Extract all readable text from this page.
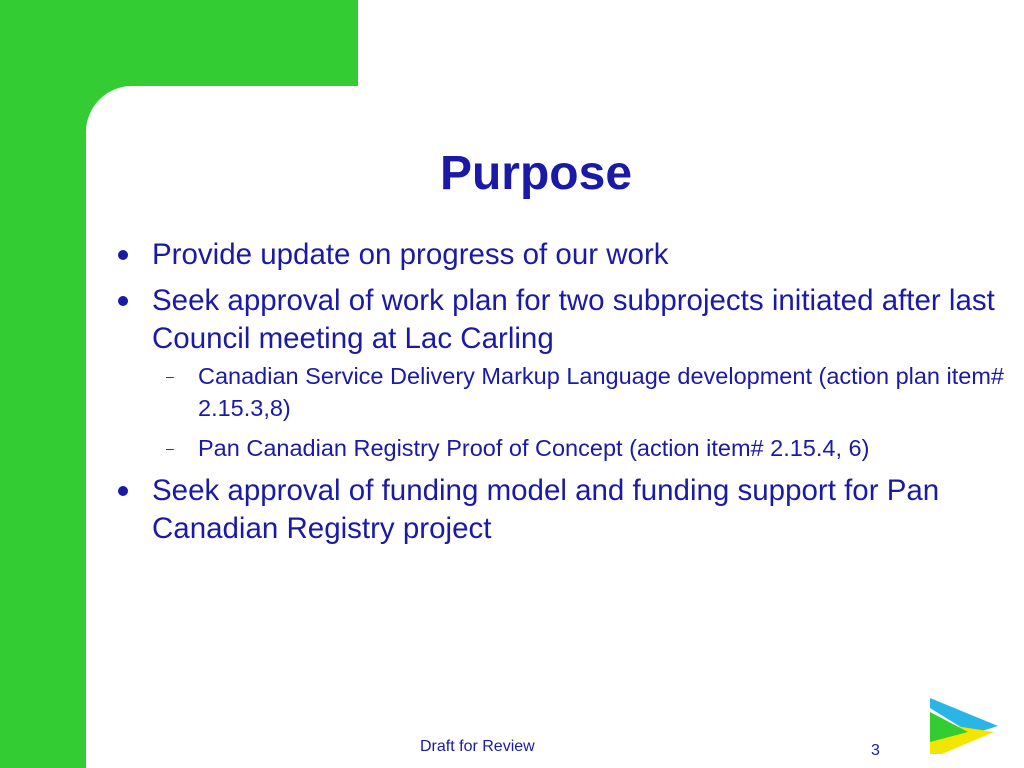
Purpose
Provide update on progress of our work
Seek approval of work plan for two subprojects initiated after last Council meeting at Lac Carling
– Canadian Service Delivery Markup Language development (action plan item# 2.15.3,8)
– Pan Canadian Registry Proof of Concept (action item# 2.15.4, 6)
Seek approval of funding model and funding support for Pan Canadian Registry project
Draft for Review	3
